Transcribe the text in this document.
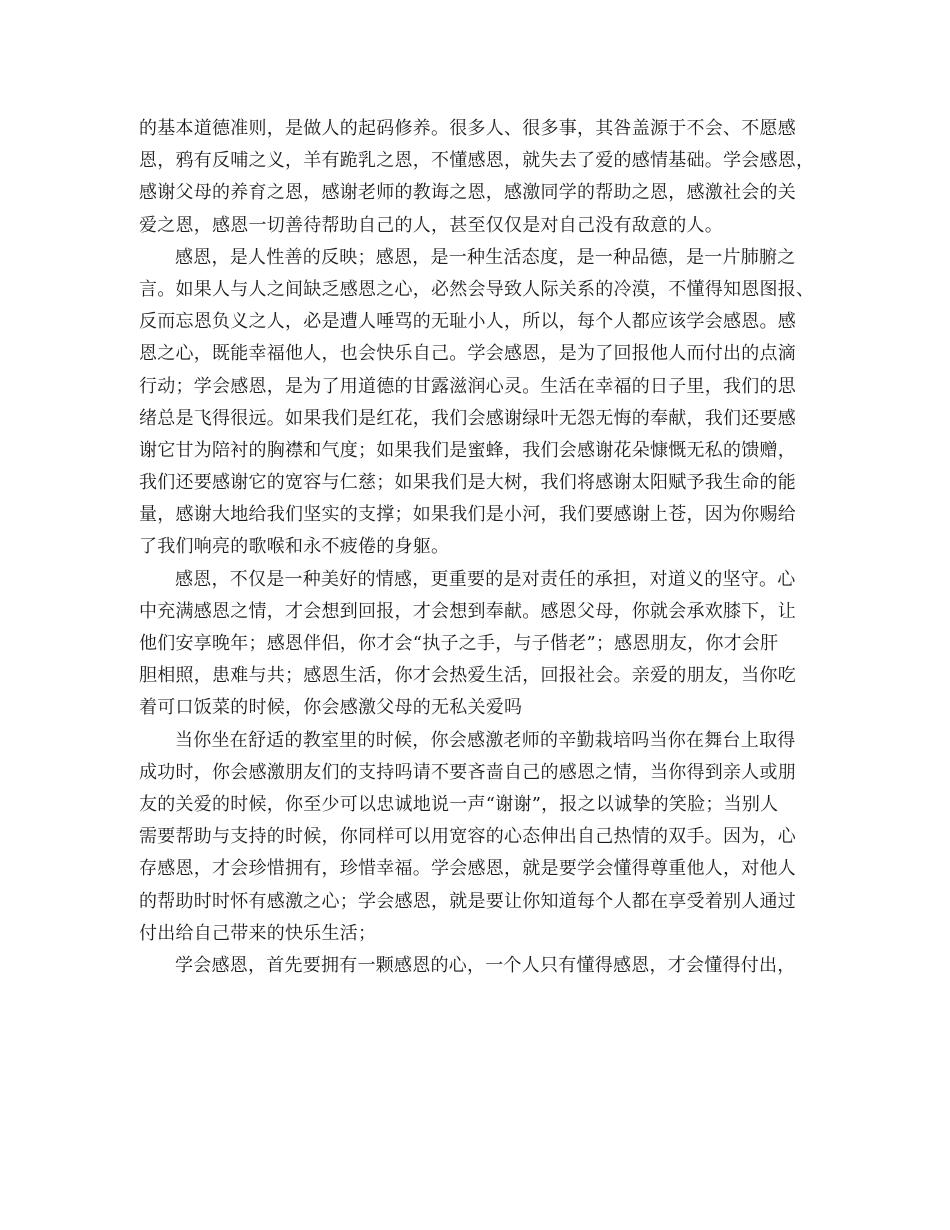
的基本道德准则，是做人的起码修养。很多人、很多事，其咎盖源于不会、不愿感
恩，鸦有反哺之义，羊有跪乳之恩，不懂感恩，就失去了爱的感情基础。学会感恩，
感谢父母的养育之恩，感谢老师的教诲之恩，感激同学的帮助之恩，感激社会的关
爱之恩，感恩一切善待帮助自己的人，甚至仅仅是对自己没有敌意的人。
感恩，是人性善的反映；感恩，是一种生活态度，是一种品德，是一片肺腑之
言。如果人与人之间缺乏感恩之心，必然会导致人际关系的冷漠，不懂得知恩图报、
反而忘恩负义之人，必是遭人唾骂的无耻小人，所以，每个人都应该学会感恩。感
恩之心，既能幸福他人，也会快乐自己。学会感恩，是为了回报他人而付出的点滴
行动；学会感恩，是为了用道德的甘露滋润心灵。生活在幸福的日子里，我们的思
绪总是飞得很远。如果我们是红花，我们会感谢绿叶无怨无悔的奉献，我们还要感
谢它甘为陪衬的胸襟和气度；如果我们是蜜蜂，我们会感谢花朵慷慨无私的馈赠，
我们还要感谢它的宽容与仁慈；如果我们是大树，我们将感谢太阳赋予我生命的能
量，感谢大地给我们坚实的支撑；如果我们是小河，我们要感谢上苍，因为你赐给
了我们响亮的歌喉和永不疲倦的身躯。
感恩，不仅是一种美好的情感，更重要的是对责任的承担，对道义的坚守。心
中充满感恩之情，才会想到回报，才会想到奉献。感恩父母，你就会承欢膝下，让
他们安享晚年；感恩伴侣，你才会“执子之手，与子偕老”；感恩朋友，你才会肝
胆相照，患难与共；感恩生活，你才会热爱生活，回报社会。亲爱的朋友，当你吃
着可口饭菜的时候，你会感激父母的无私关爱吗
当你坐在舒适的教室里的时候，你会感激老师的辛勤栽培吗当你在舞台上取得
成功时，你会感激朋友们的支持吗请不要吝啬自己的感恩之情，当你得到亲人或朋
友的关爱的时候，你至少可以忠诚地说一声“谢谢”，报之以诚挚的笑脸；当别人
需要帮助与支持的时候，你同样可以用宽容的心态伸出自己热情的双手。因为，心
存感恩，才会珍惜拥有，珍惜幸福。学会感恩，就是要学会懂得尊重他人，对他人
的帮助时时怀有感激之心；学会感恩，就是要让你知道每个人都在享受着别人通过
付出给自己带来的快乐生活；
学会感恩，首先要拥有一颗感恩的心，一个人只有懂得感恩，才会懂得付出，
